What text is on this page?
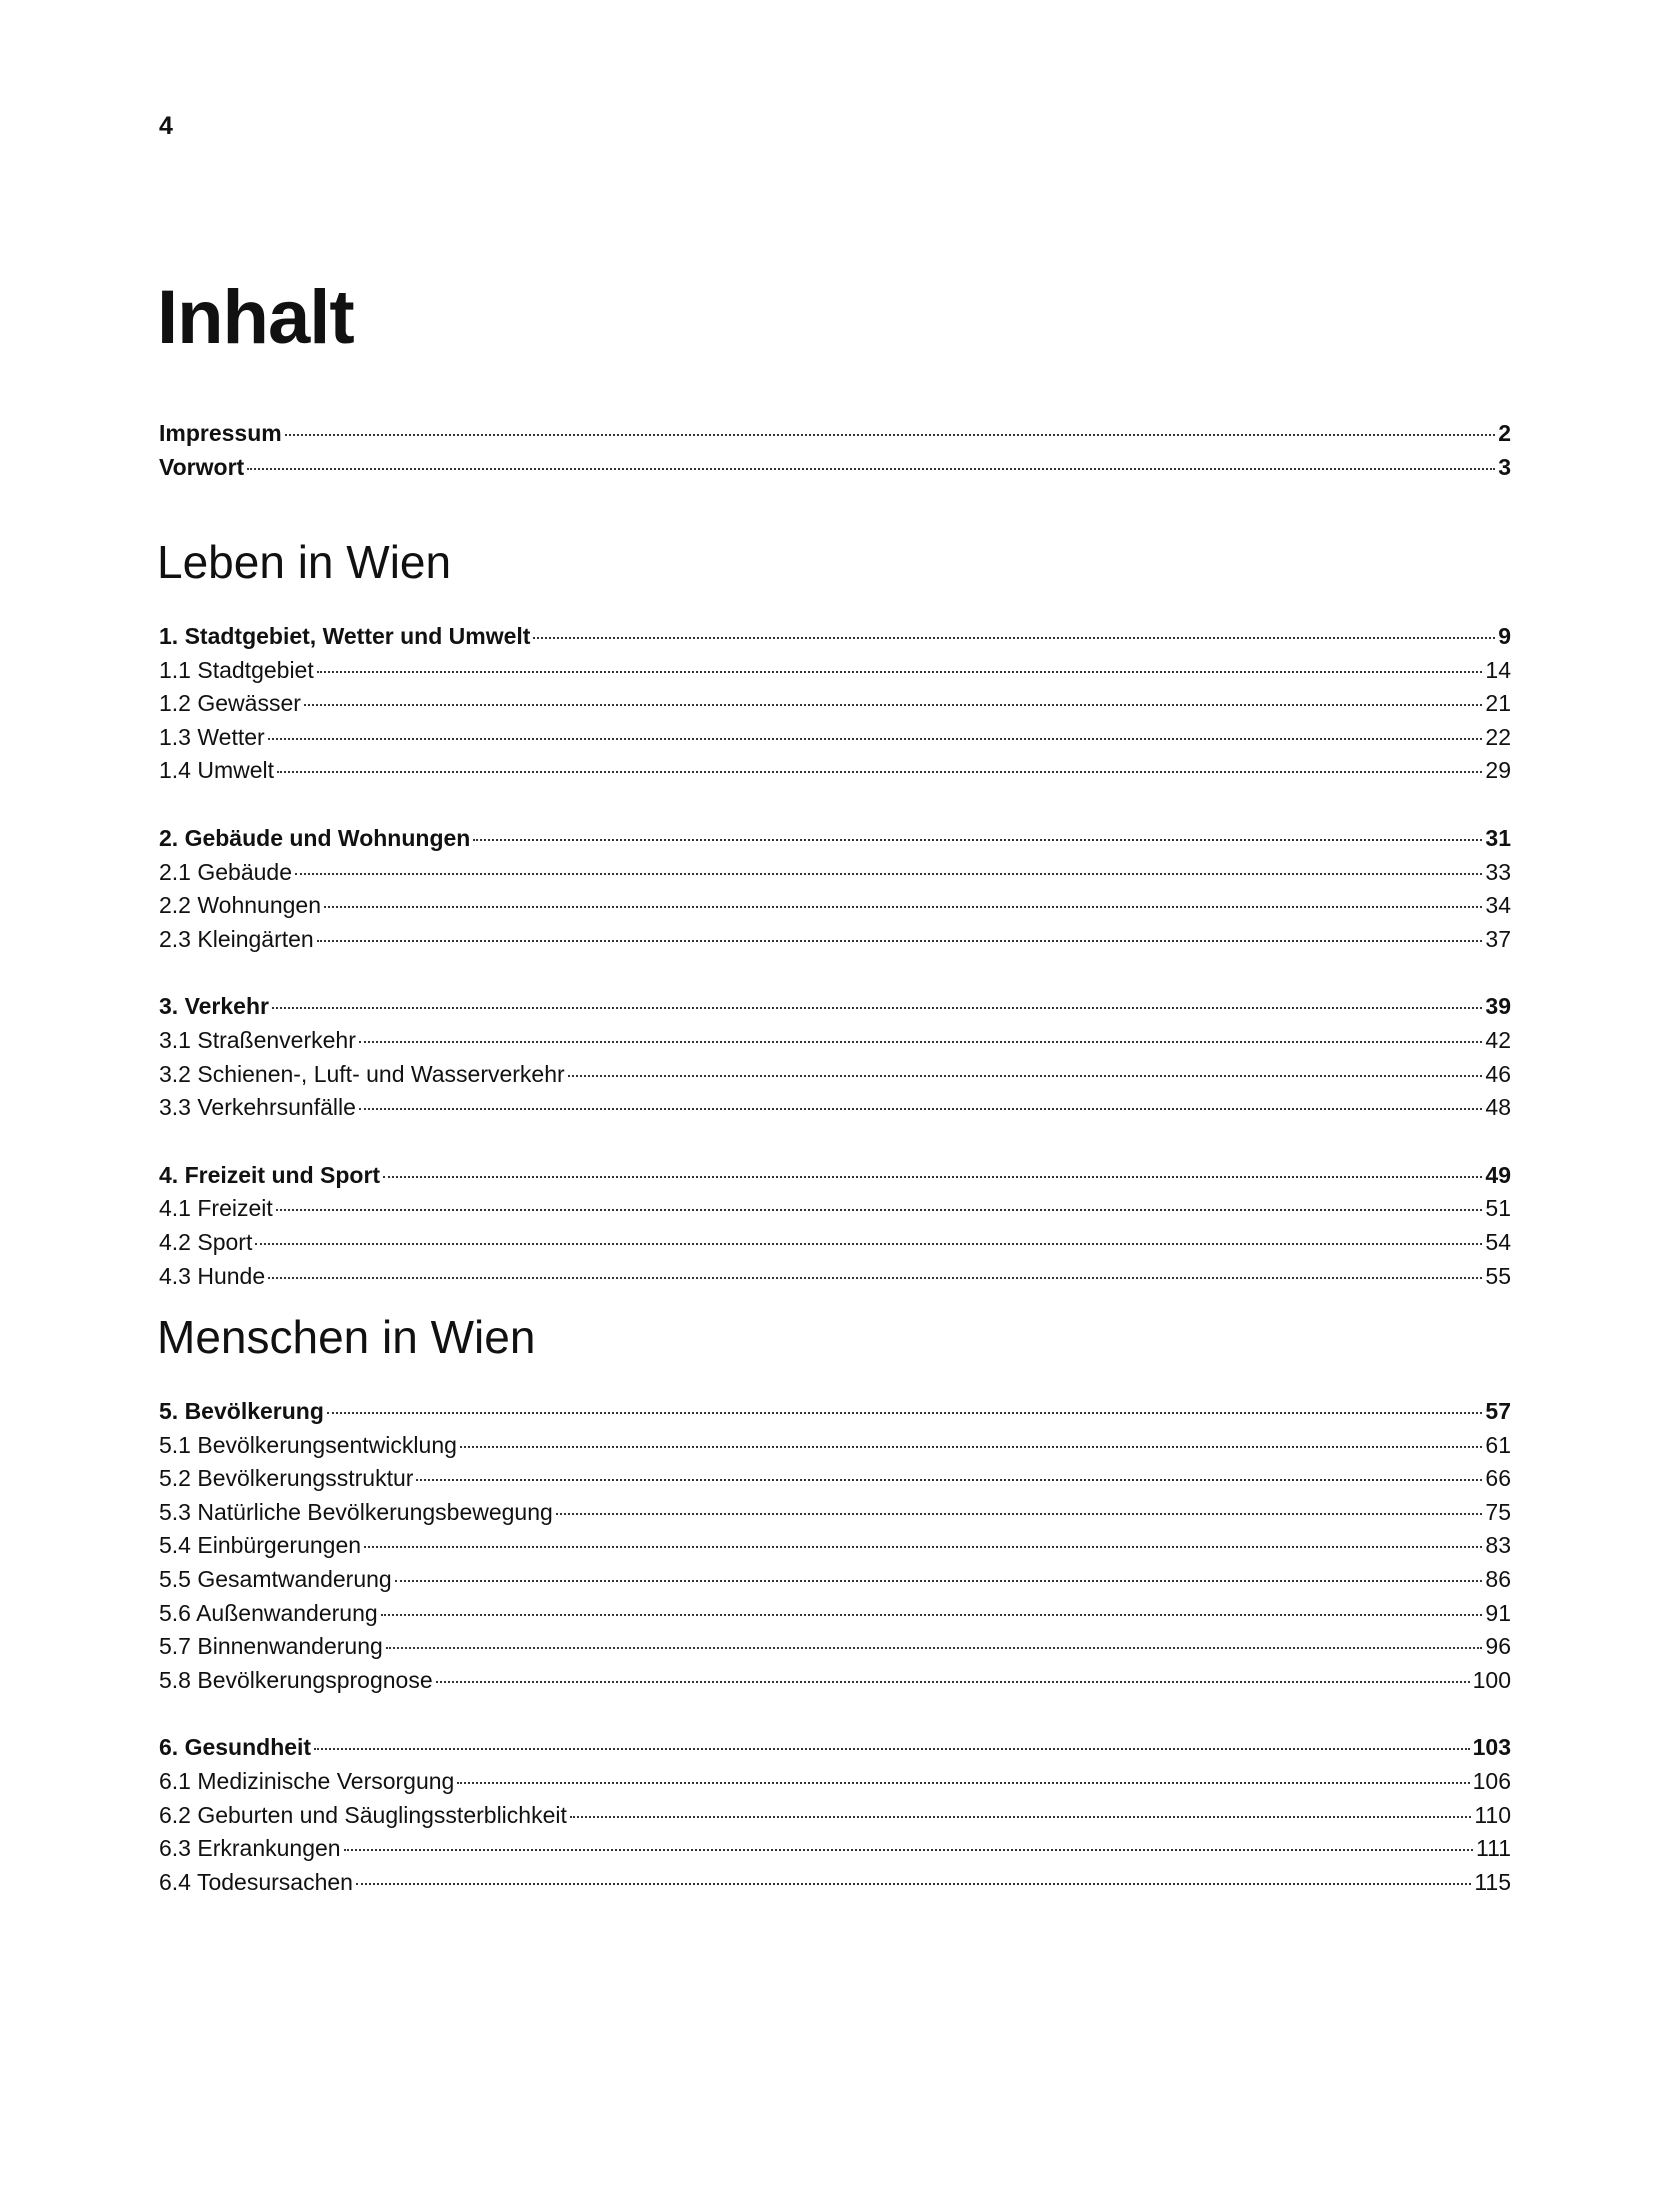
4
Inhalt
Impressum	2
Vorwort	3
Leben in Wien
1. Stadtgebiet, Wetter und Umwelt	9
1.1 Stadtgebiet	14
1.2 Gewässer	21
1.3 Wetter	22
1.4 Umwelt	29
2. Gebäude und Wohnungen	31
2.1 Gebäude	33
2.2 Wohnungen	34
2.3 Kleingärten	37
3. Verkehr	39
3.1 Straßenverkehr	42
3.2 Schienen-, Luft- und Wasserverkehr	46
3.3 Verkehrsunfälle	48
4. Freizeit und Sport	49
4.1 Freizeit	51
4.2 Sport	54
4.3 Hunde	55
Menschen in Wien
5. Bevölkerung	57
5.1 Bevölkerungsentwicklung	61
5.2 Bevölkerungsstruktur	66
5.3 Natürliche Bevölkerungsbewegung	75
5.4 Einbürgerungen	83
5.5 Gesamtwanderung	86
5.6 Außenwanderung	91
5.7 Binnenwanderung	96
5.8 Bevölkerungsprognose	100
6. Gesundheit	103
6.1 Medizinische Versorgung	106
6.2 Geburten und Säuglingssterblichkeit	110
6.3 Erkrankungen	111
6.4 Todesursachen	115
